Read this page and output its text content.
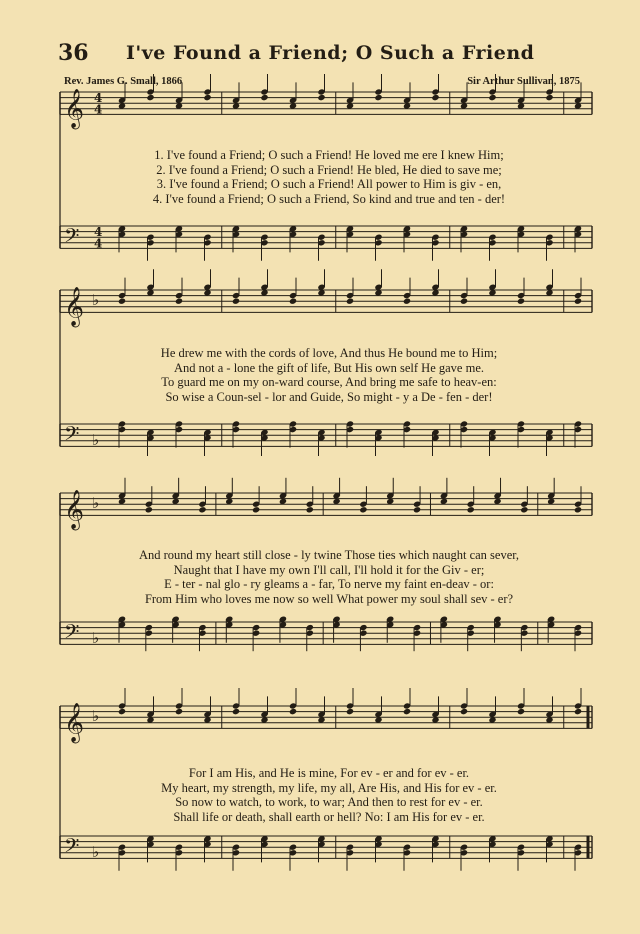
36 I've Found a Friend; O Such a Friend
Rev. James G. Small, 1866	Sir Arthur Sullivan, 1875
𝄞 4
4
𝄢 4
4
𝄞 ♭
𝄢 ♭
𝄞 ♭
𝄢 ♭
𝄞 ♭
𝄢 ♭
1. I've found a Friend; O such a Friend! He loved me ere I knew Him;
2. I've found a Friend; O such a Friend! He bled, He died to save me;
3. I've found a Friend; O such a Friend! All power to Him is giv - en,
4. I've found a Friend; O such a Friend, So kind and true and ten - der!
He drew me with the cords of love, And thus He bound me to Him;
And not a - lone the gift of life, But His own self He gave me.
To guard me on my on-ward course, And bring me safe to heav-en:
So wise a Coun-sel - lor and Guide, So might - y a De - fen - der!
And round my heart still close - ly twine Those ties which naught can sever,
Naught that I have my own I'll call, I'll hold it for the Giv - er;
E - ter - nal glo - ry gleams a - far, To nerve my faint en-deav - or:
From Him who loves me now so well What power my soul shall sev - er?
For I am His, and He is mine, For ev - er and for ev - er.
My heart, my strength, my life, my all, Are His, and His for ev - er.
So now to watch, to work, to war; And then to rest for ev - er.
Shall life or death, shall earth or hell? No: I am His for ev - er.
